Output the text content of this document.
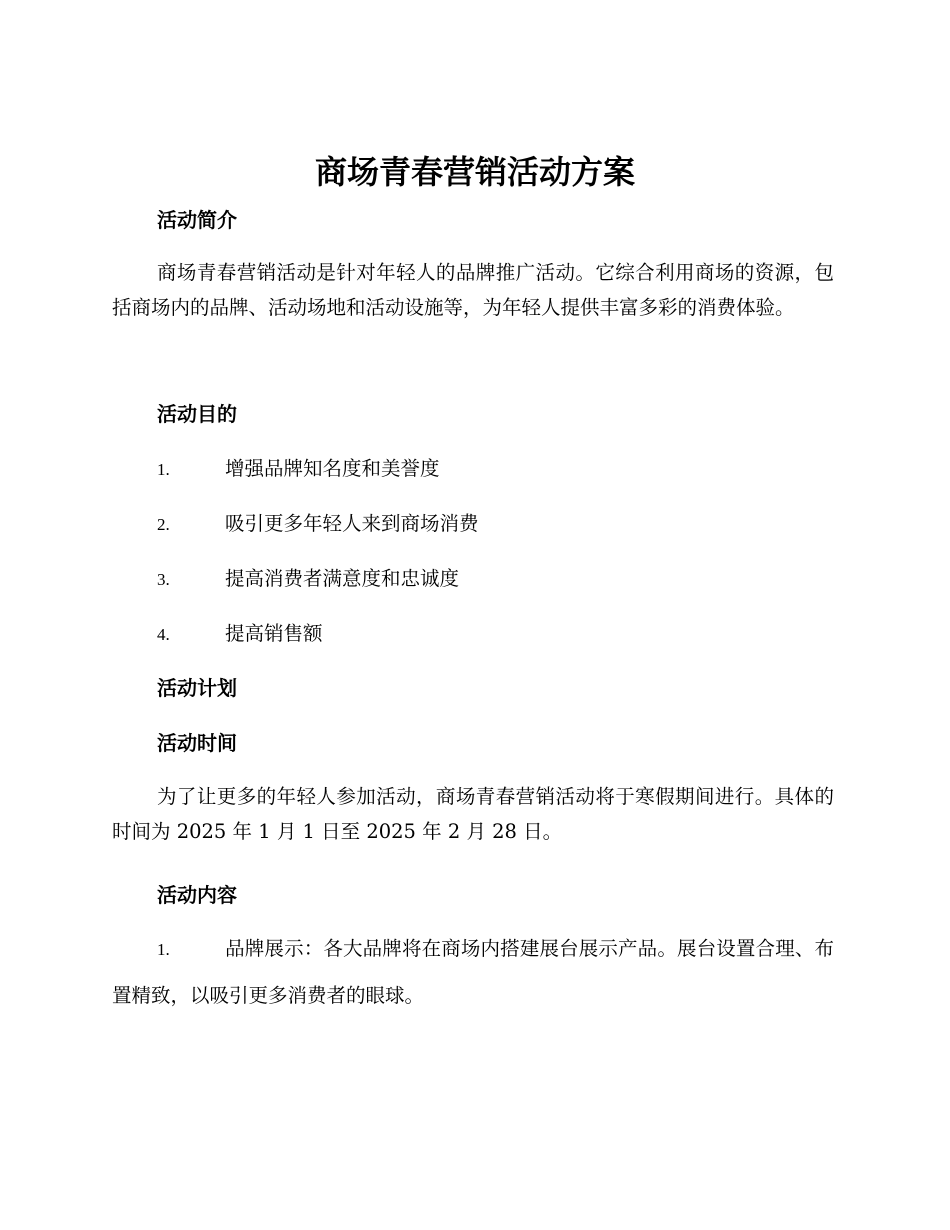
商场青春营销活动方案
活动简介

商场青春营销活动是针对年轻人的品牌推广活动。它综合利用商场的资源，包括商场内的品牌、活动场地和活动设施等，为年轻人提供丰富多彩的消费体验。

活动目的
1.	增强品牌知名度和美誉度
2.	吸引更多年轻人来到商场消费
3.	提高消费者满意度和忠诚度
4.	提高销售额
活动计划
活动时间

为了让更多的年轻人参加活动，商场青春营销活动将于寒假期间进行。具体的时间为 2025 年 1 月 1 日至 2025 年 2 月 28 日。

活动内容

1.	品牌展示：各大品牌将在商场内搭建展台展示产品。展台设置合理、布置精致，以吸引更多消费者的眼球。
